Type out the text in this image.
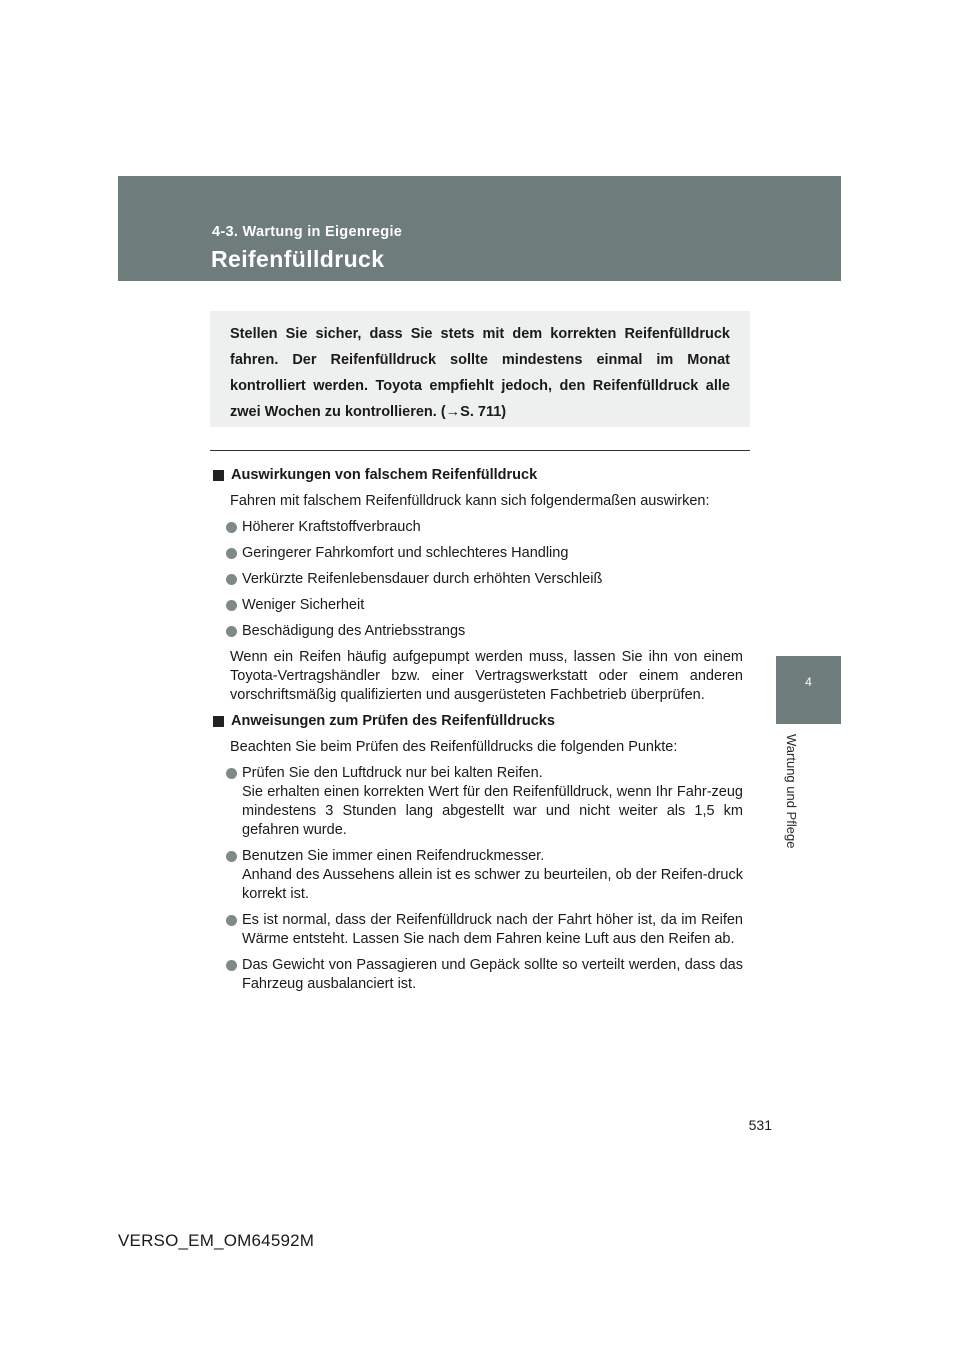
4-3. Wartung in Eigenregie
Reifenfülldruck
4
Wartung und Pflege

Stellen Sie sicher, dass Sie stets mit dem korrekten Reifenfülldruck fahren. Der Reifenfülldruck sollte mindestens einmal im Monat kontrolliert werden. Toyota empfiehlt jedoch, den Reifenfülldruck alle zwei Wochen zu kontrollieren. (→S. 711)

Auswirkungen von falschem Reifenfülldruck

Fahren mit falschem Reifenfülldruck kann sich folgendermaßen auswirken:

Höherer Kraftstoffverbrauch

Geringerer Fahrkomfort und schlechteres Handling

Verkürzte Reifenlebensdauer durch erhöhten Verschleiß

Weniger Sicherheit

Beschädigung des Antriebsstrangs

Wenn ein Reifen häufig aufgepumpt werden muss, lassen Sie ihn von einem Toyota-Vertragshändler bzw. einer Vertragswerkstatt oder einem anderen vorschriftsmäßig qualifizierten und ausgerüsteten Fachbetrieb überprüfen.

Anweisungen zum Prüfen des Reifenfülldrucks

Beachten Sie beim Prüfen des Reifenfülldrucks die folgenden Punkte:

Prüfen Sie den Luftdruck nur bei kalten Reifen.
Sie erhalten einen korrekten Wert für den Reifenfülldruck, wenn Ihr Fahr-zeug mindestens 3 Stunden lang abgestellt war und nicht weiter als 1,5 km gefahren wurde.
Benutzen Sie immer einen Reifendruckmesser.
Anhand des Aussehens allein ist es schwer zu beurteilen, ob der Reifen-druck korrekt ist.
Es ist normal, dass der Reifenfülldruck nach der Fahrt höher ist, da im Reifen Wärme entsteht. Lassen Sie nach dem Fahren keine Luft aus den Reifen ab.
Das Gewicht von Passagieren und Gepäck sollte so verteilt werden, dass das Fahrzeug ausbalanciert ist.
531
VERSO_EM_OM64592M
